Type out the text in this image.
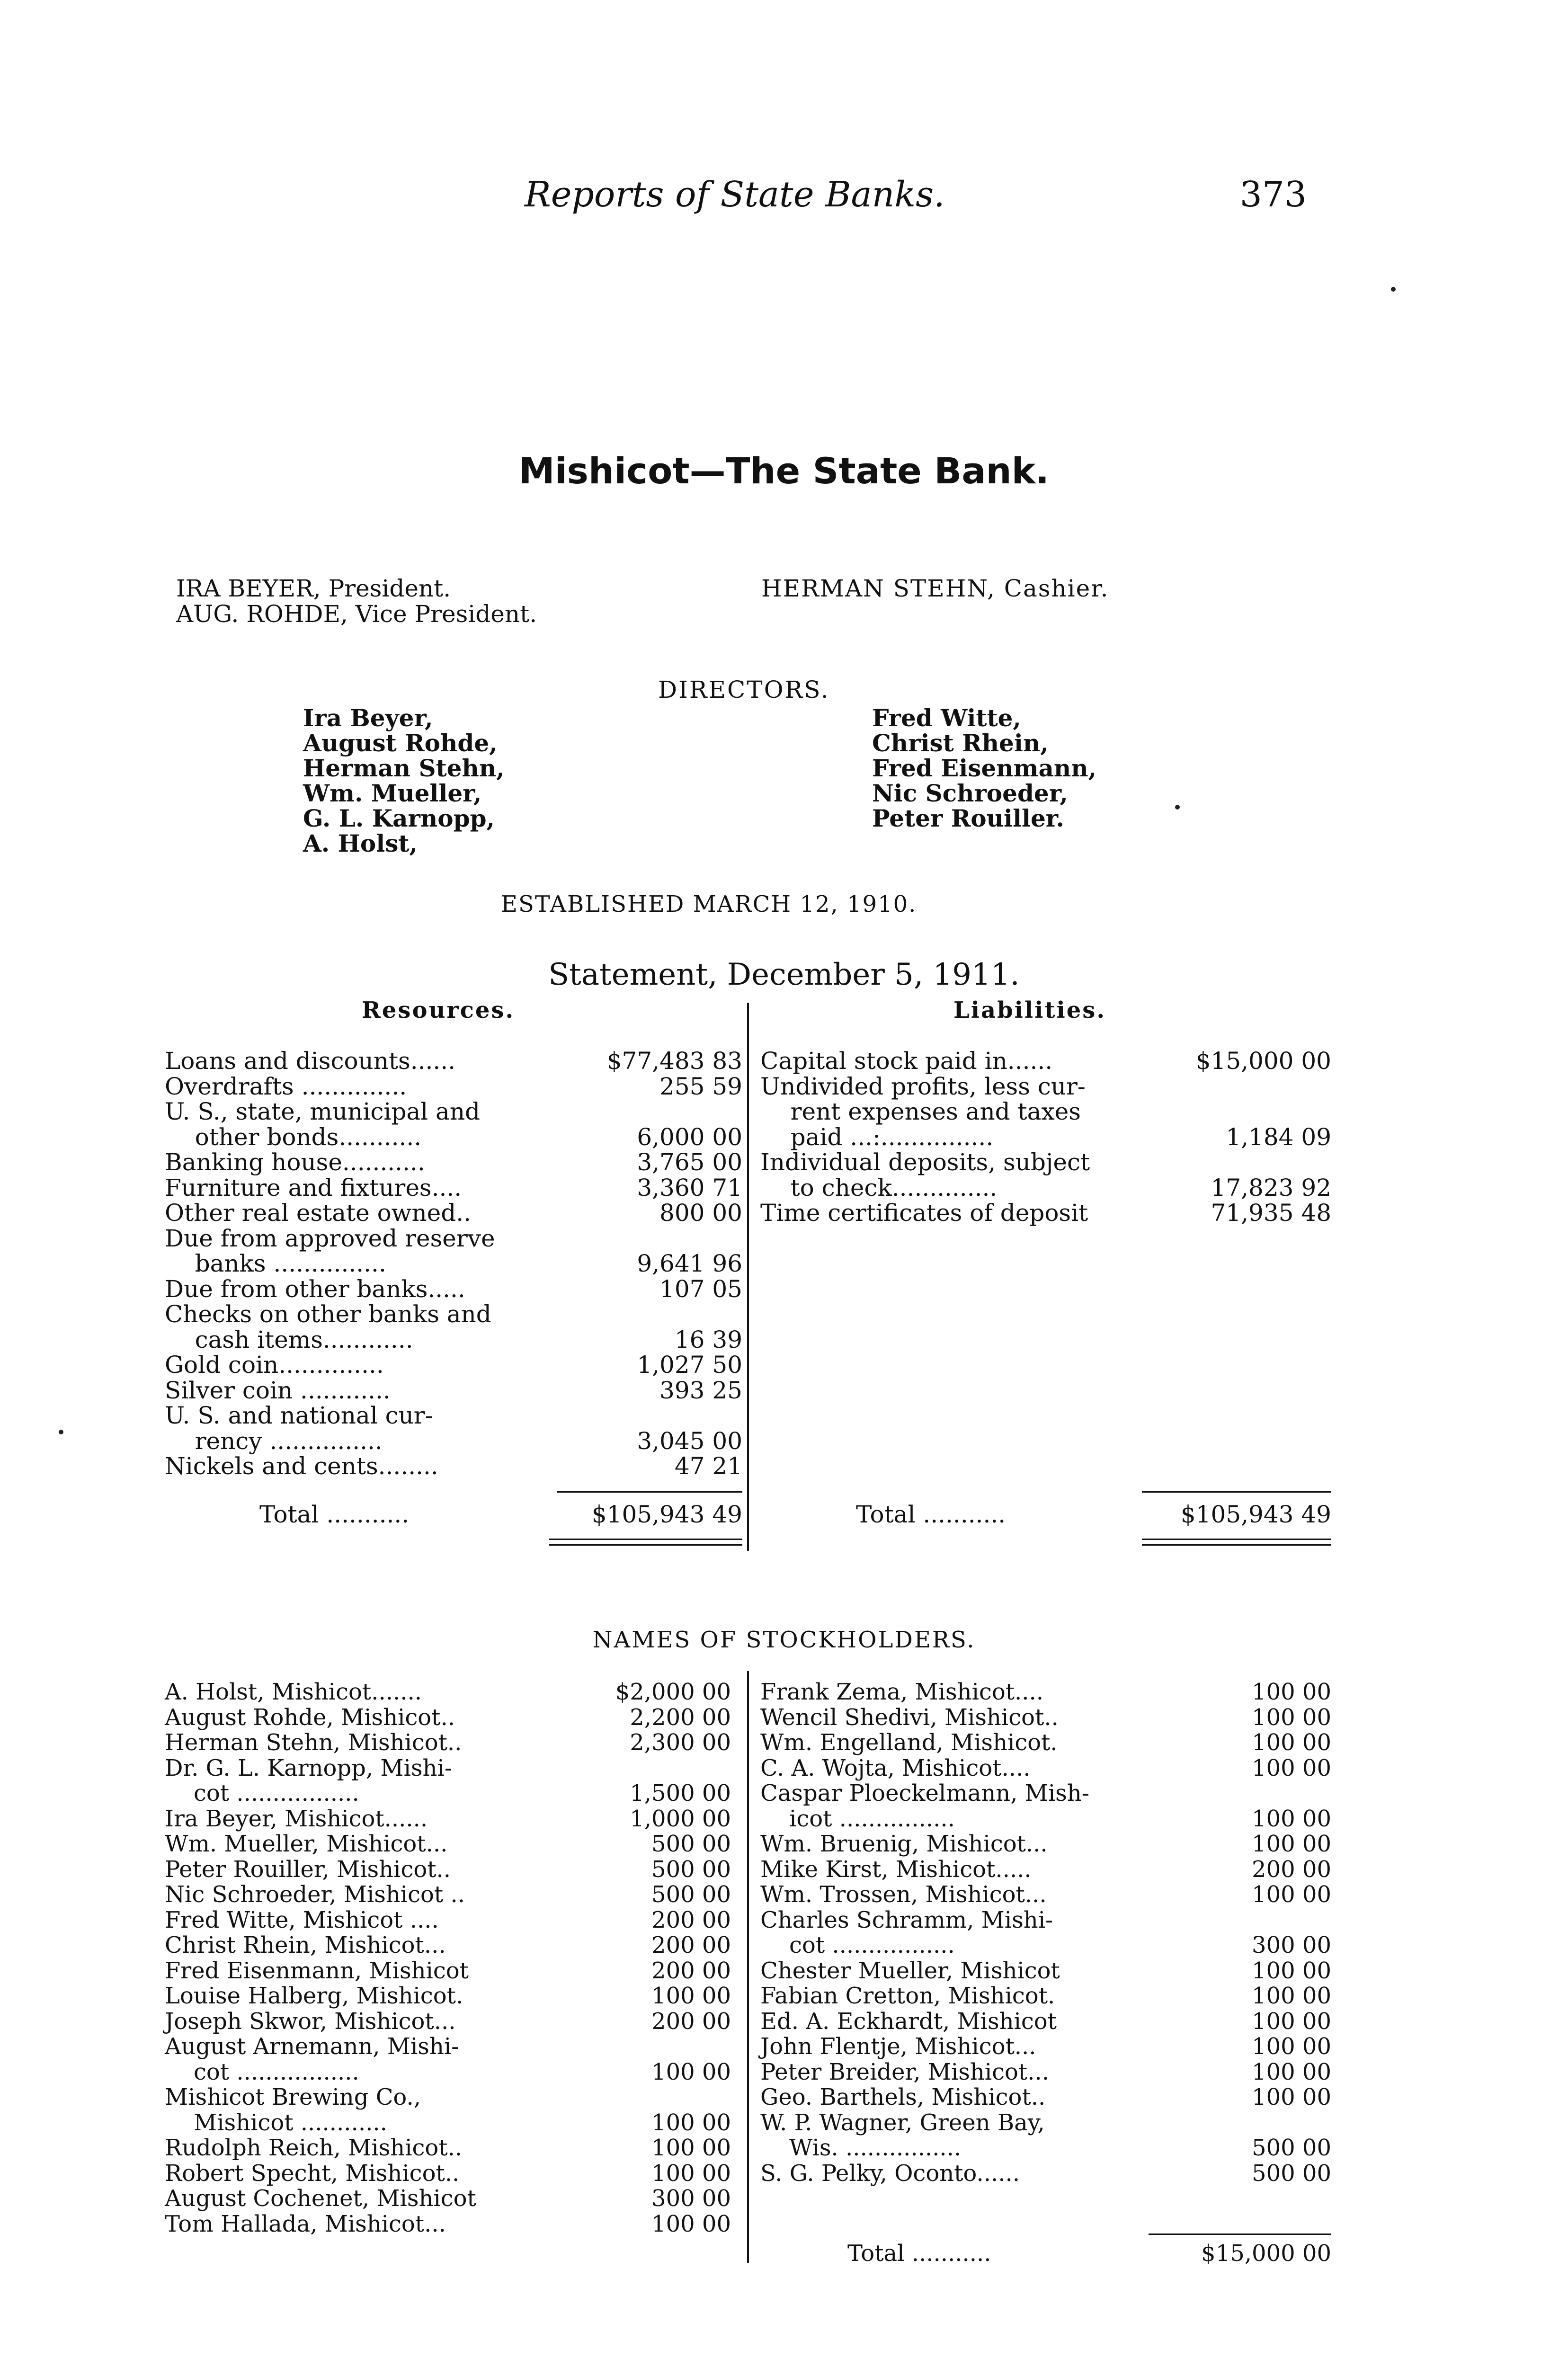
Reports of State Banks.	373
Mishicot—The State Bank.
IRA BEYER, President.
AUG. ROHDE, Vice President.
HERMAN STEHN, Cashier.
DIRECTORS.
Ira Beyer,
August Rohde,
Herman Stehn,
Wm. Mueller,
G. L. Karnopp,
A. Holst,
Fred Witte,
Christ Rhein,
Fred Eisenmann,
Nic Schroeder,
Peter Rouiller.
ESTABLISHED MARCH 12, 1910.
Statement, December 5, 1911.
Resources.	Liabilities.
Loans and discounts......	$77,483 83
Overdrafts ..............	255 59
U. S., state, municipal and
other bonds...........	6,000 00
Banking house...........	3,765 00
Furniture and fixtures....	3,360 71
Other real estate owned..	800 00
Due from approved reserve
banks ...............	9,641 96
Due from other banks.....	107 05
Checks on other banks and
cash items............	16 39
Gold coin..............	1,027 50
Silver coin ............	393 25
U. S. and national cur-
rency ...............	3,045 00
Nickels and cents........	47 21
Capital stock paid in......	$15,000 00
Undivided profits, less cur-
rent expenses and taxes
paid ...:...............	1,184 09
Individual deposits, subject
to check..............	17,823 92
Time certificates of deposit	71,935 48
Total ...........	$105,943 49	Total ...........	$105,943 49
NAMES OF STOCKHOLDERS.
A. Holst, Mishicot.......	$2,000 00
August Rohde, Mishicot..	2,200 00
Herman Stehn, Mishicot..	2,300 00
Dr. G. L. Karnopp, Mishi-
cot .................	1,500 00
Ira Beyer, Mishicot......	1,000 00
Wm. Mueller, Mishicot...	500 00
Peter Rouiller, Mishicot..	500 00
Nic Schroeder, Mishicot ..	500 00
Fred Witte, Mishicot ....	200 00
Christ Rhein, Mishicot...	200 00
Fred Eisenmann, Mishicot	200 00
Louise Halberg, Mishicot.	100 00
Joseph Skwor, Mishicot...	200 00
August Arnemann, Mishi-
cot .................	100 00
Mishicot Brewing Co.,
Mishicot ............	100 00
Rudolph Reich, Mishicot..	100 00
Robert Specht, Mishicot..	100 00
August Cochenet, Mishicot	300 00
Tom Hallada, Mishicot...	100 00
Frank Zema, Mishicot....	100 00
Wencil Shedivi, Mishicot..	100 00
Wm. Engelland, Mishicot.	100 00
C. A. Wojta, Mishicot....	100 00
Caspar Ploeckelmann, Mish-
icot ................	100 00
Wm. Bruenig, Mishicot...	100 00
Mike Kirst, Mishicot.....	200 00
Wm. Trossen, Mishicot...	100 00
Charles Schramm, Mishi-
cot .................	300 00
Chester Mueller, Mishicot	100 00
Fabian Cretton, Mishicot.	100 00
Ed. A. Eckhardt, Mishicot	100 00
John Flentje, Mishicot...	100 00
Peter Breider, Mishicot...	100 00
Geo. Barthels, Mishicot..	100 00
W. P. Wagner, Green Bay,
Wis. ................	500 00
S. G. Pelky, Oconto......	500 00
Total ...........	$15,000 00
